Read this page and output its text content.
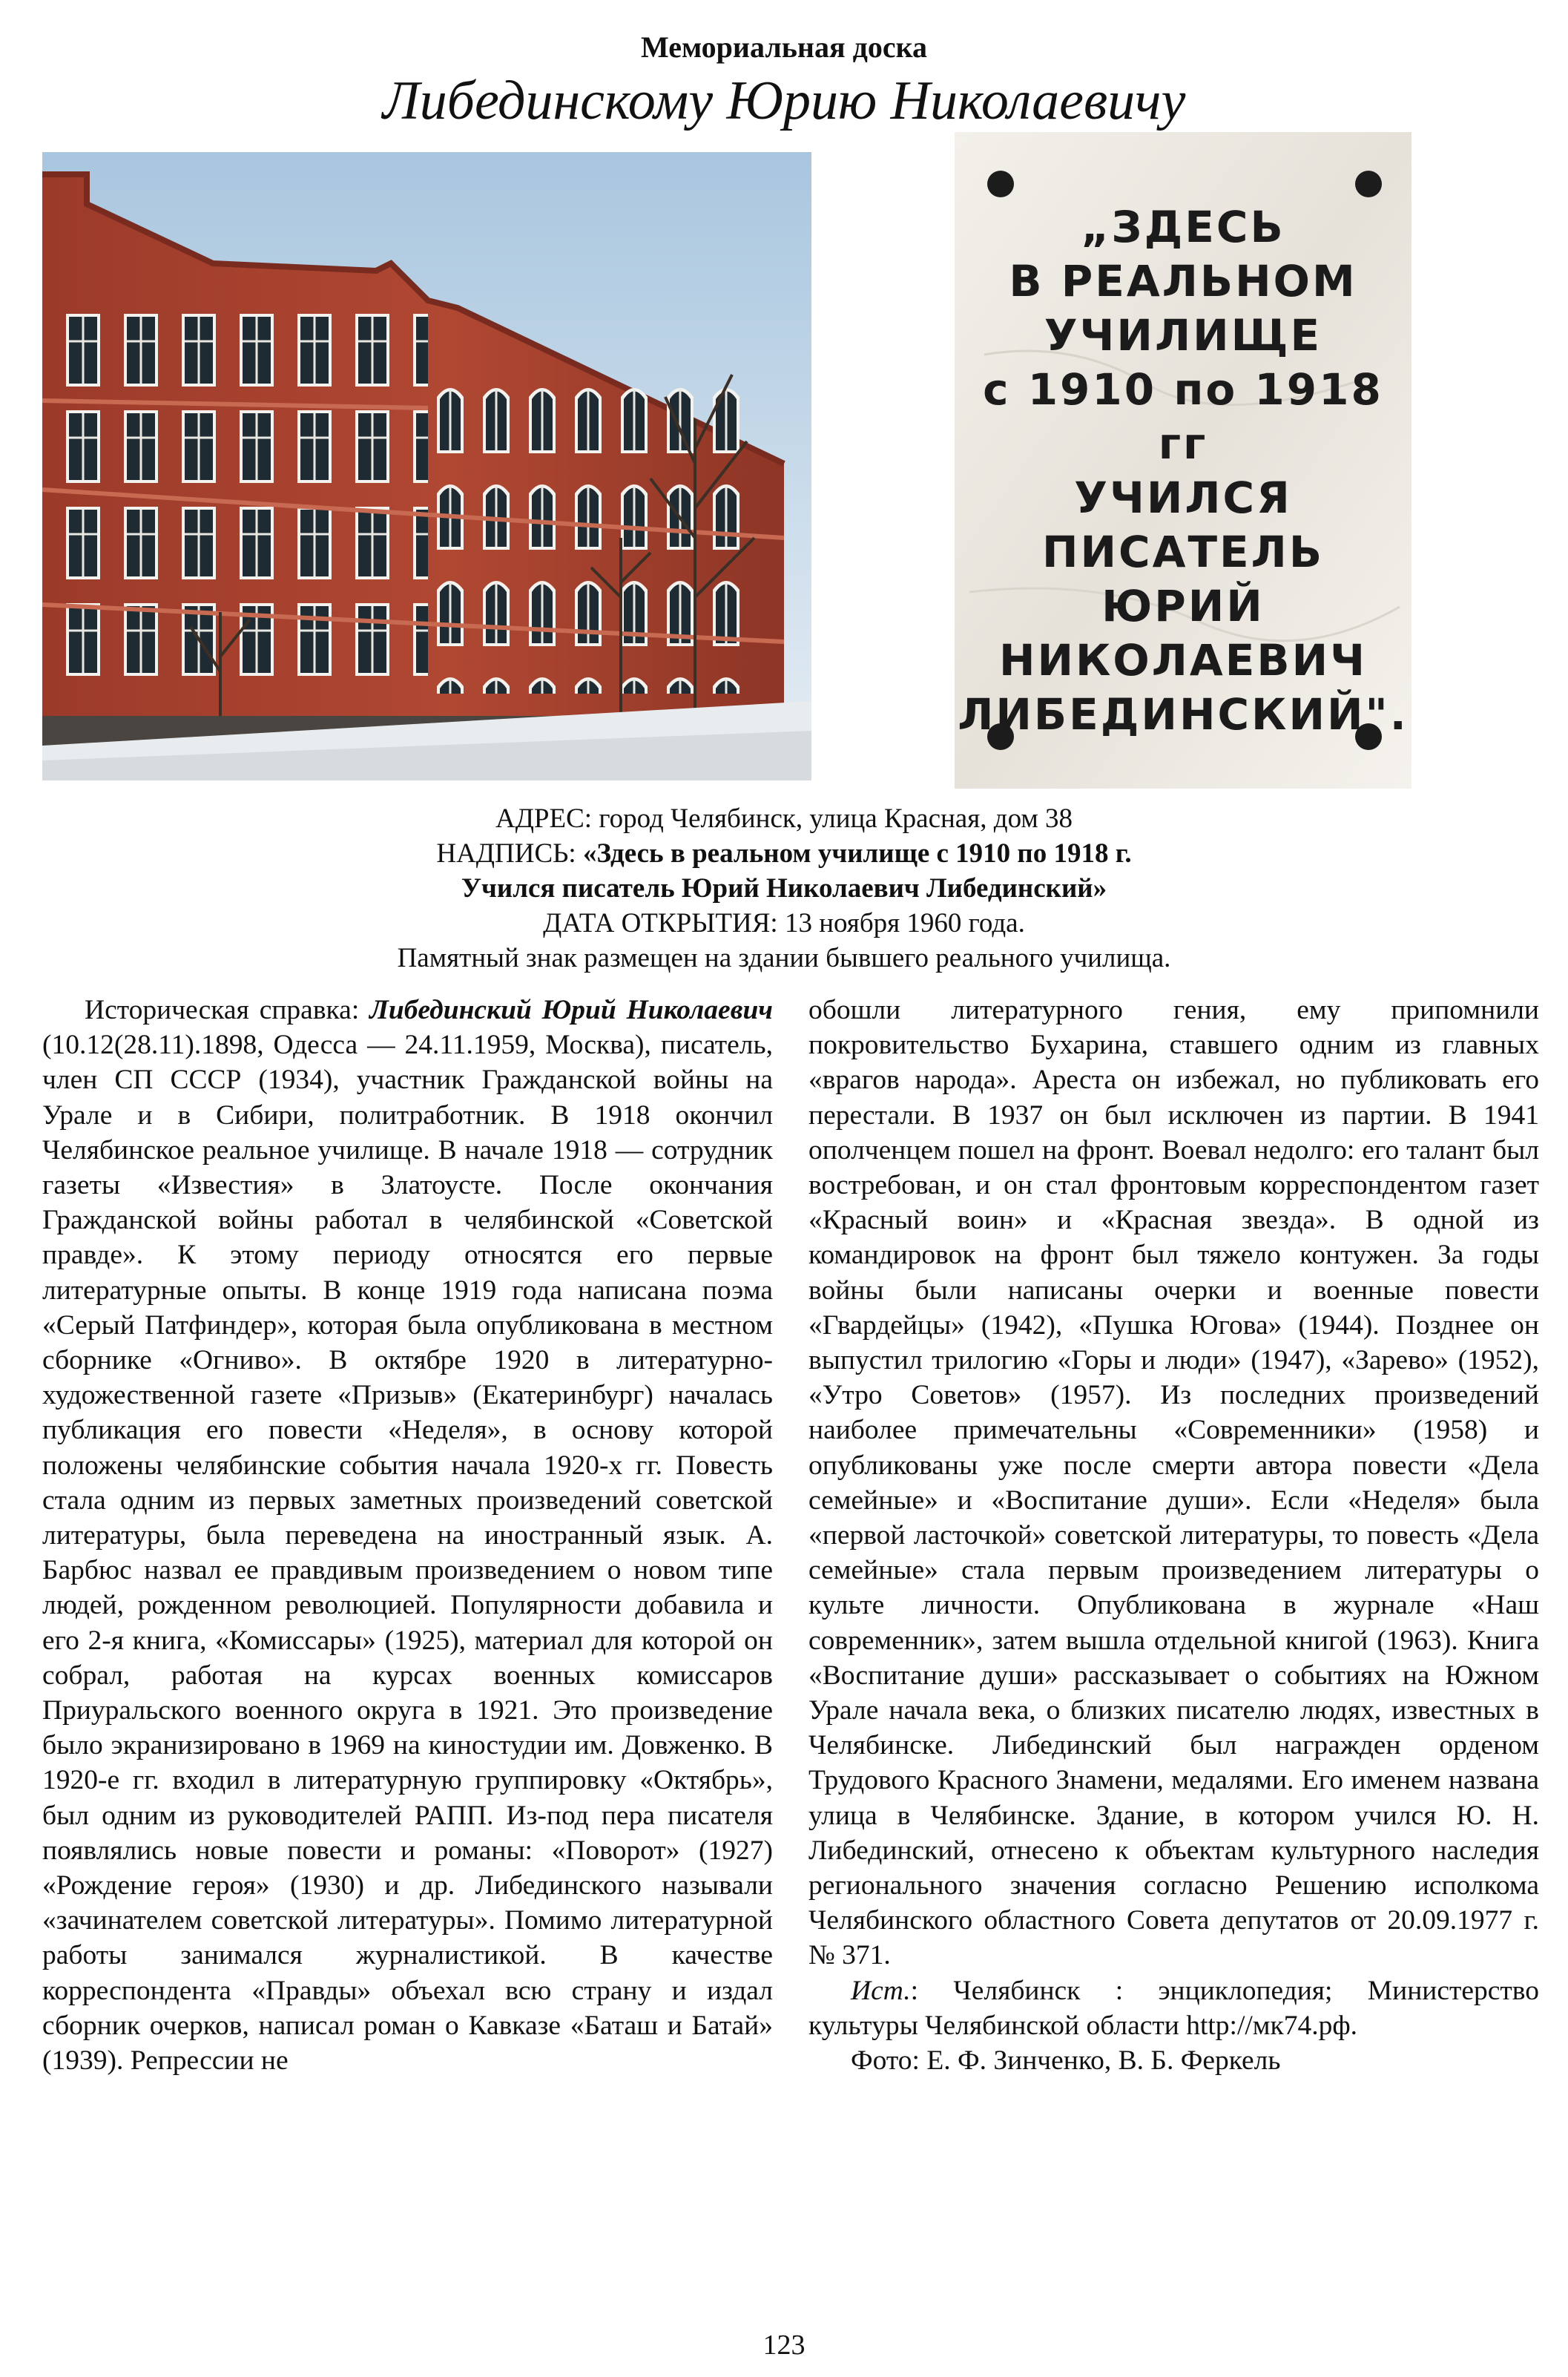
Мемориальная доска
Либединскому Юрию Николаевичу
„ЗДЕСЬ
В РЕАЛЬНОМ
УЧИЛИЩЕ
с 1910 по 1918 гг
УЧИЛСЯ
ПИСАТЕЛЬ
ЮРИЙ
НИКОЛАЕВИЧ
ЛИБЕДИНСКИЙ".
АДРЕС: город Челябинск, улица Красная, дом 38
НАДПИСЬ: «Здесь в реальном училище с 1910 по 1918 г.
Учился писатель Юрий Николаевич Либединский»
ДАТА ОТКРЫТИЯ: 13 ноября 1960 года.
Памятный знак размещен на здании бывшего реального училища.

Историческая справка: Либединский Юрий Николаевич (10.12(28.11).1898, Одесса — 24.11.1959, Москва), писатель, член СП СССР (1934), участник Гражданской войны на Урале и в Сибири, политработник. В 1918 окончил Челябинское реальное училище. В начале 1918 — сотрудник газеты «Известия» в Златоусте. После окончания Гражданской войны работал в челябинской «Советской правде». К этому периоду относятся его первые литературные опыты. В конце 1919 года написана поэма «Серый Патфиндер», которая была опубликована в местном сборнике «Огниво». В октябре 1920 в литературно-художественной газете «Призыв» (Екатеринбург) началась публикация его повести «Неделя», в основу которой положены челябинские события начала 1920-х гг. Повесть стала одним из первых заметных произведений советской литературы, была переведена на иностранный язык. А. Барбюс назвал ее правдивым произведением о новом типе людей, рожденном революцией. Популярности добавила и его 2-я книга, «Комиссары» (1925), материал для которой он собрал, работая на курсах военных комиссаров Приуральского военного округа в 1921. Это произведение было экранизировано в 1969 на киностудии им. Довженко. В 1920-е гг. входил в литературную группировку «Октябрь», был одним из руководителей РАПП. Из-под пера писателя появлялись новые повести и романы: «Поворот» (1927) «Рождение героя» (1930) и др. Либединского называли «зачинателем советской литературы». Помимо литературной работы занимался журналистикой. В качестве корреспондента «Правды» объехал всю страну и издал сборник очерков, написал роман о Кавказе «Баташ и Батай» (1939). Репрессии не

обошли литературного гения, ему припомнили покровительство Бухарина, ставшего одним из главных «врагов народа». Ареста он избежал, но публиковать его перестали. В 1937 он был исключен из партии. В 1941 ополченцем пошел на фронт. Воевал недолго: его талант был востребован, и он стал фронтовым корреспондентом газет «Красный воин» и «Красная звезда». В одной из командировок на фронт был тяжело контужен. За годы войны были написаны очерки и военные повести «Гвардейцы» (1942), «Пушка Югова» (1944). Позднее он выпустил трилогию «Горы и люди» (1947), «Зарево» (1952), «Утро Советов» (1957). Из последних произведений наиболее примечательны «Современники» (1958) и опубликованы уже после смерти автора повести «Дела семейные» и «Воспитание души». Если «Неделя» была «первой ласточкой» советской литературы, то повесть «Дела семейные» стала первым произведением литературы о культе личности. Опубликована в журнале «Наш современник», затем вышла отдельной книгой (1963). Книга «Воспитание души» рассказывает о событиях на Южном Урале начала века, о близких писателю людях, известных в Челябинске. Либединский был награжден орденом Трудового Красного Знамени, медалями. Его именем названа улица в Челябинске. Здание, в котором учился Ю. Н. Либединский, отнесено к объектам культурного наследия регионального значения согласно Решению исполкома Челябинского областного Совета депутатов от 20.09.1977 г. № 371.

Ист.: Челябинск : энциклопедия; Министерство культуры Челябинской области http://мк74.рф.

Фото: Е. Ф. Зинченко, В. Б. Феркель

123
